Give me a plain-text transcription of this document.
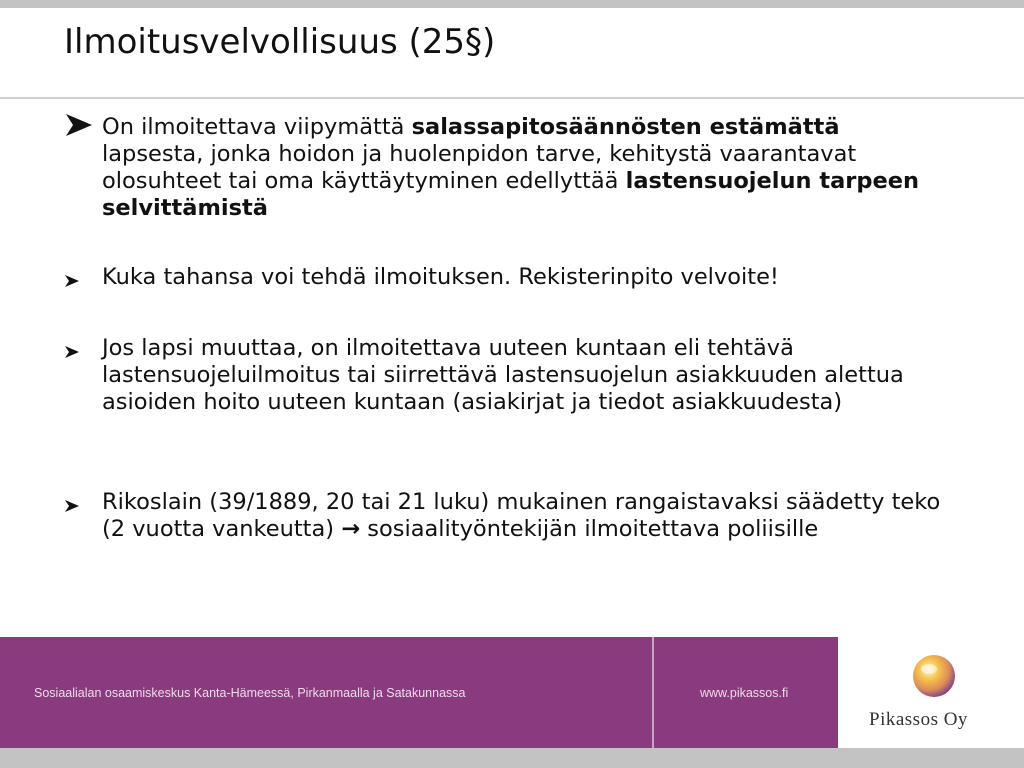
Ilmoitusvelvollisuus (25§)
On ilmoitettava viipymättä salassapitosäännösten estämättä lapsesta, jonka hoidon ja huolenpidon tarve, kehitystä vaarantavat olosuhteet tai oma käyttäytyminen edellyttää lastensuojelun tarpeen selvittämistä
Kuka tahansa voi tehdä ilmoituksen. Rekisterinpito velvoite!
Jos lapsi muuttaa, on ilmoitettava uuteen kuntaan eli tehtävä lastensuojeluilmoitus tai siirrettävä lastensuojelun asiakkuuden alettua asioiden hoito uuteen kuntaan (asiakirjat ja tiedot asiakkuudesta)
Rikoslain (39/1889, 20 tai 21 luku) mukainen rangaistavaksi säädetty teko (2 vuotta vankeutta) → sosiaalityöntekijän ilmoitettava poliisille
Sosiaalialan osaamiskeskus Kanta-Hämeessä, Pirkanmaalla ja Satakunnassa	www.pikassos.fi
Pikassos Oy
